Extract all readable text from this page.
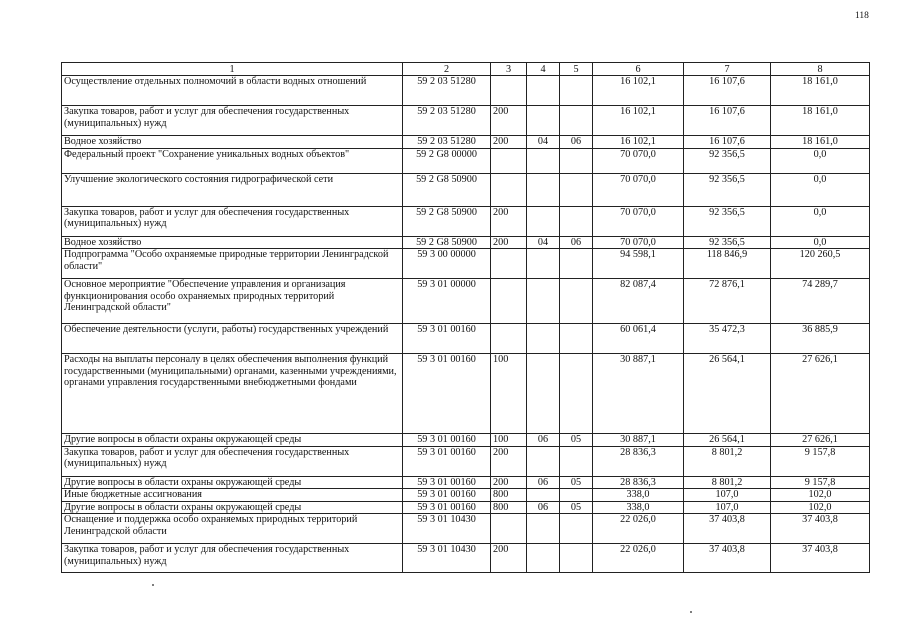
118
1	2	3	4	5	6	7	8
Осуществление отдельных полномочий в области водных отношений	59 2 03 51280				16 102,1	16 107,6	18 161,0
Закупка товаров, работ и услуг для обеспечения государственных (муниципальных) нужд	59 2 03 51280	200			16 102,1	16 107,6	18 161,0
Водное хозяйство	59 2 03 51280	200	04	06	16 102,1	16 107,6	18 161,0
Федеральный проект "Сохранение уникальных водных объектов"	59 2 G8 00000				70 070,0	92 356,5	0,0
Улучшение экологического состояния гидрографической сети	59 2 G8 50900				70 070,0	92 356,5	0,0
Закупка товаров, работ и услуг для обеспечения государственных (муниципальных) нужд	59 2 G8 50900	200			70 070,0	92 356,5	0,0
Водное хозяйство	59 2 G8 50900	200	04	06	70 070,0	92 356,5	0,0
Подпрограмма "Особо охраняемые природные территории Ленинградской области"	59 3 00 00000				94 598,1	118 846,9	120 260,5
Основное мероприятие "Обеспечение управления и организация функционирования особо охраняемых природных территорий Ленинградской области"	59 3 01 00000				82 087,4	72 876,1	74 289,7
Обеспечение деятельности (услуги, работы) государственных учреждений	59 3 01 00160				60 061,4	35 472,3	36 885,9
Расходы на выплаты персоналу в целях обеспечения выполнения функций государственными (муниципальными) органами, казенными учреждениями, органами управления государственными внебюджетными фондами	59 3 01 00160	100			30 887,1	26 564,1	27 626,1
Другие вопросы в области охраны окружающей среды	59 3 01 00160	100	06	05	30 887,1	26 564,1	27 626,1
Закупка товаров, работ и услуг для обеспечения государственных (муниципальных) нужд	59 3 01 00160	200			28 836,3	8 801,2	9 157,8
Другие вопросы в области охраны окружающей среды	59 3 01 00160	200	06	05	28 836,3	8 801,2	9 157,8
Иные бюджетные ассигнования	59 3 01 00160	800			338,0	107,0	102,0
Другие вопросы в области охраны окружающей среды	59 3 01 00160	800	06	05	338,0	107,0	102,0
Оснащение и поддержка особо охраняемых природных территорий Ленинградской области	59 3 01 10430				22 026,0	37 403,8	37 403,8
Закупка товаров, работ и услуг для обеспечения государственных (муниципальных) нужд	59 3 01 10430	200			22 026,0	37 403,8	37 403,8
